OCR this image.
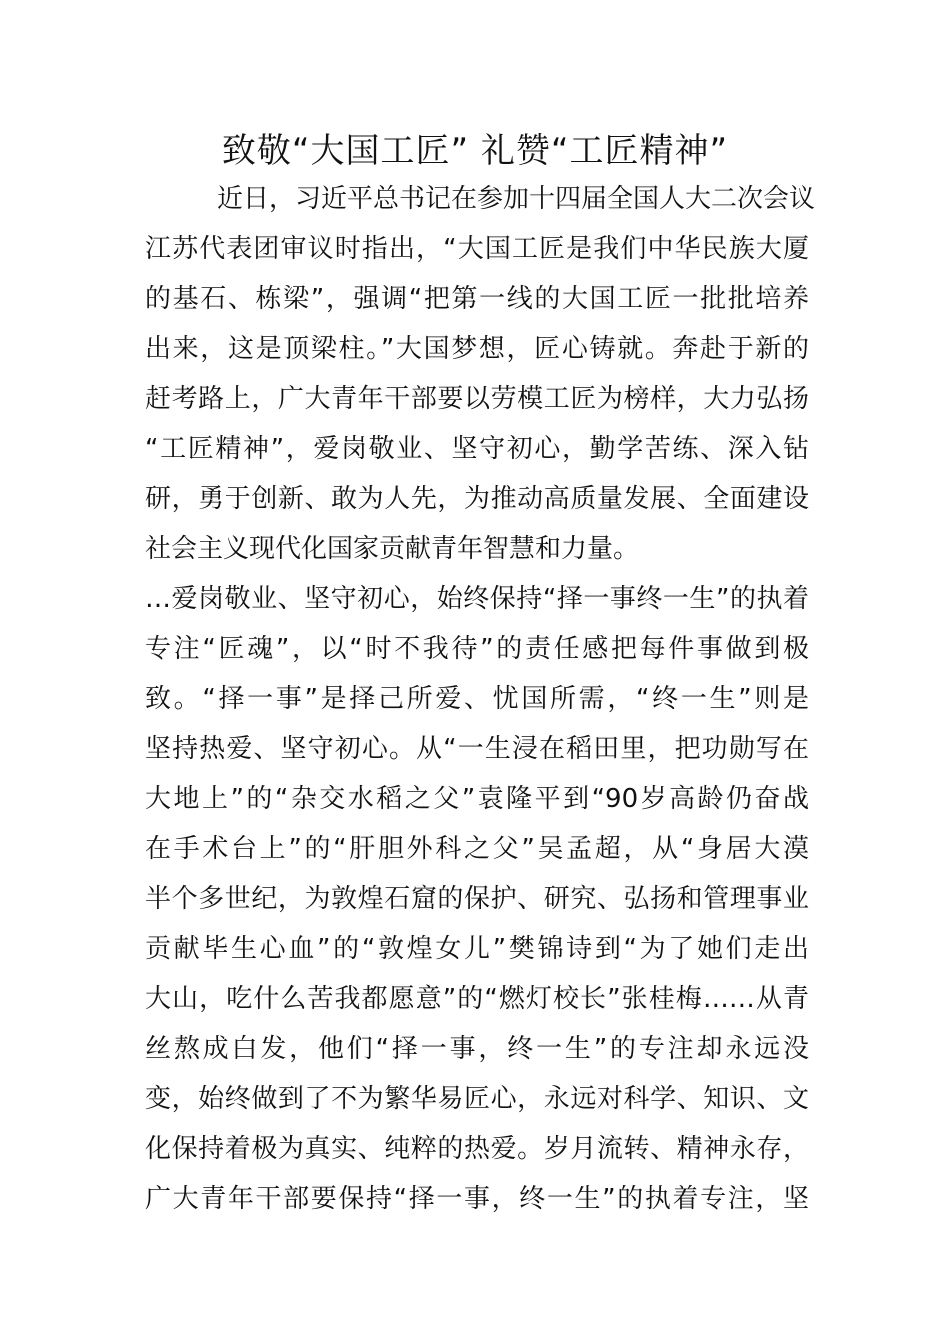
致敬“大国工匠” 礼赞“工匠精神”
近日，习近平总书记在参加十四届全国人大二次会议
江苏代表团审议时指出，“大国工匠是我们中华民族大厦
的基石、栋梁”，强调“把第一线的大国工匠一批批培养
出来，这是顶梁柱。”大国梦想，匠心铸就。奔赴于新的
赶考路上，广大青年干部要以劳模工匠为榜样，大力弘扬
“工匠精神”，爱岗敬业、坚守初心，勤学苦练、深入钻
研，勇于创新、敢为人先，为推动高质量发展、全面建设
社会主义现代化国家贡献青年智慧和力量。
…爱岗敬业、坚守初心，始终保持“择一事终一生”的执着
专注“匠魂”，以“时不我待”的责任感把每件事做到极
致。“择一事”是择己所爱、忧国所需，“终一生”则是
坚持热爱、坚守初心。从“一生浸在稻田里，把功勋写在
大地上”的“杂交水稻之父”袁隆平到“90岁高龄仍奋战
在手术台上”的“肝胆外科之父”吴孟超，从“身居大漠
半个多世纪，为敦煌石窟的保护、研究、弘扬和管理事业
贡献毕生心血”的“敦煌女儿”樊锦诗到“为了她们走出
大山，吃什么苦我都愿意”的“燃灯校长”张桂梅……从青
丝熬成白发，他们“择一事，终一生”的专注却永远没
变，始终做到了不为繁华易匠心，永远对科学、知识、文
化保持着极为真实、纯粹的热爱。岁月流转、精神永存，
广大青年干部要保持“择一事，终一生”的执着专注，坚
